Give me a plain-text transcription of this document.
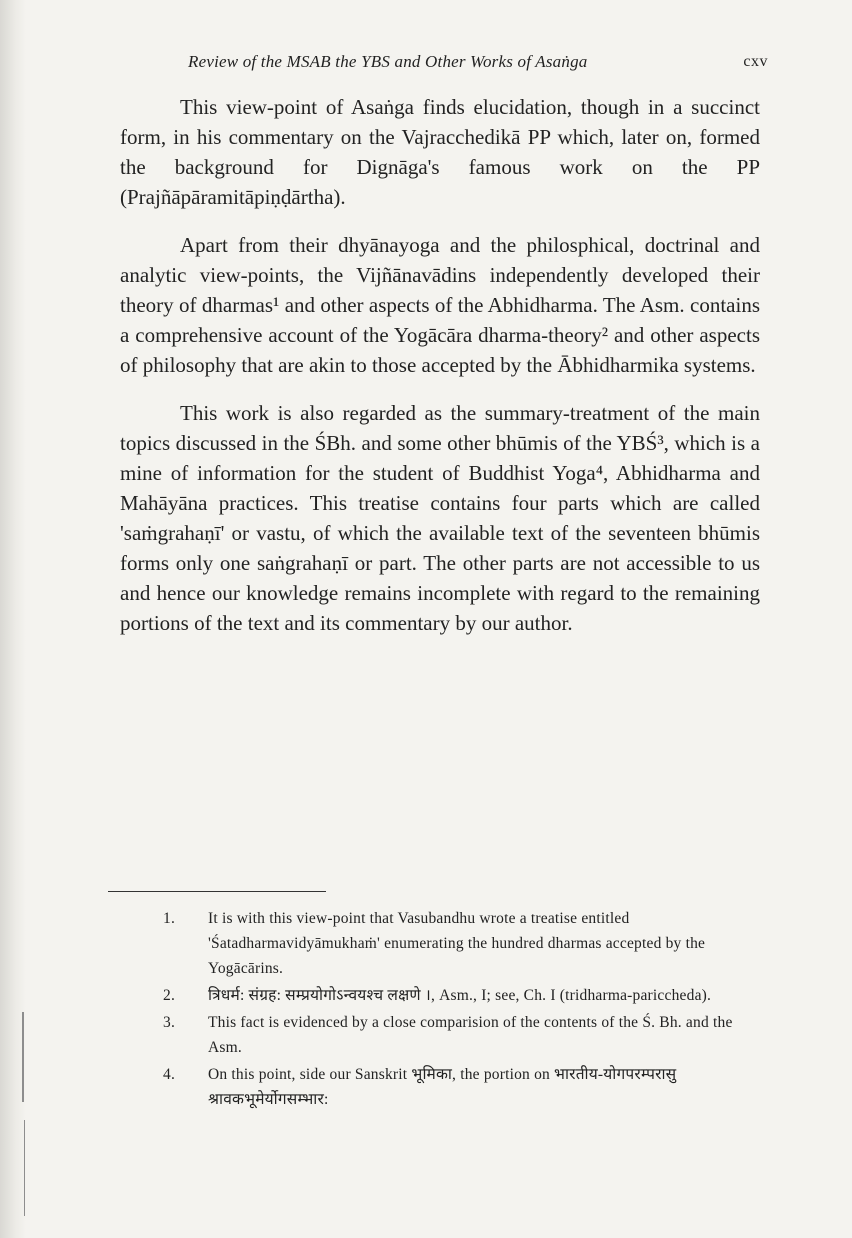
Review of the MSAB the YBS and Other Works of Asaṅga	cxv

This view-point of Asaṅga finds elucidation, though in a succinct form, in his commentary on the Vajracchedikā PP which, later on, formed the background for Dignāga's famous work on the PP (Prajñāpāramitāpiṇḍārtha).

Apart from their dhyānayoga and the philosphical, doctrinal and analytic view-points, the Vijñānavādins independently developed their theory of dharmas¹ and other aspects of the Abhidharma. The Asm. contains a comprehensive account of the Yogācāra dharma-theory² and other aspects of philosophy that are akin to those accepted by the Ābhidharmika systems.

This work is also regarded as the summary-treatment of the main topics discussed in the ŚBh. and some other bhūmis of the YBŚ³, which is a mine of information for the student of Buddhist Yoga⁴, Abhidharma and Mahāyāna practices. This treatise contains four parts which are called 'saṁgrahaṇī' or vastu, of which the available text of the seventeen bhūmis forms only one saṅgrahaṇī or part. The other parts are not accessible to us and hence our knowledge remains incomplete with regard to the remaining portions of the text and its commentary by our author.

1. It is with this view-point that Vasubandhu wrote a treatise entitled 'Śatadharmavidyāmukhaṁ' enumerating the hundred dharmas accepted by the Yogācārins.
2. त्रिधर्म: संग्रह: सम्प्रयोगोऽन्वयश्च लक्षणे ।, Asm., I; see, Ch. I (tridharma-pariccheda).
3. This fact is evidenced by a close comparision of the contents of the Ś. Bh. and the Asm.
4. On this point, side our Sanskrit भूमिका, the portion on भारतीय-योगपरम्परासु श्रावकभूमेर्योगसम्भार:
